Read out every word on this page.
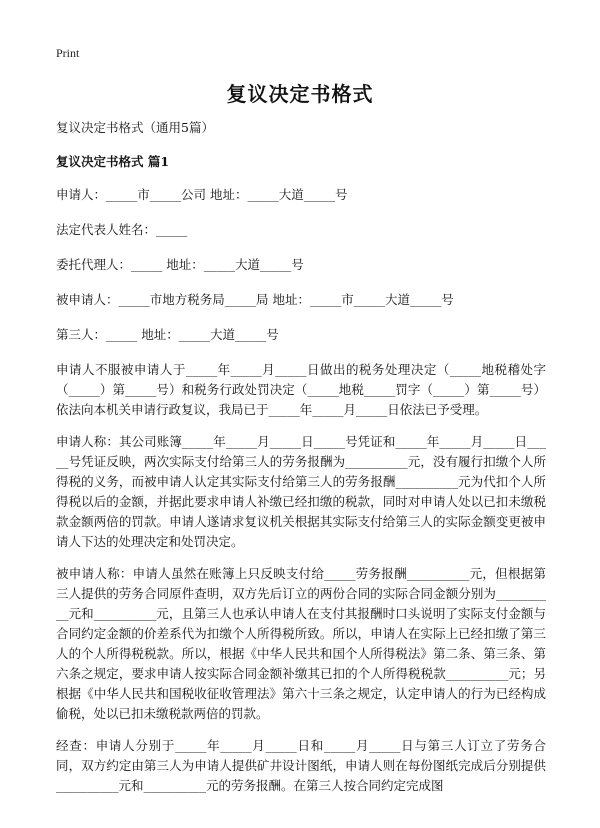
Print
复议决定书格式

复议决定书格式（通用5篇）

复议决定书格式 篇1

申请人：_____市_____公司 地址：_____大道_____号

法定代表人姓名：_____

委托代理人：_____ 地址：_____大道_____号

被申请人：_____市地方税务局_____局 地址：_____市_____大道_____号

第三人：_____ 地址：_____大道_____号

申请人不服被申请人于_____年_____月_____日做出的税务处理决定（_____地税稽处字（_____）第_____号）和税务行政处罚决定（_____地税_____罚字（_____）第_____号）依法向本机关申请行政复议，我局已于_____年_____月_____日依法已予受理。

申请人称：其公司账簿_____年_____月_____日_____号凭证和_____年_____月_____日_____号凭证反映，两次实际支付给第三人的劳务报酬为__________元，没有履行扣缴个人所得税的义务，而被申请人认定其实际支付给第三人的劳务报酬__________元为代扣个人所得税以后的金额，并据此要求申请人补缴已经扣缴的税款，同时对申请人处以已扣未缴税款金额两倍的罚款。申请人遂请求复议机关根据其实际支付给第三人的实际金额变更被申请人下达的处理决定和处罚决定。

被申请人称：申请人虽然在账簿上只反映支付给_____劳务报酬__________元，但根据第三人提供的劳务合同原件查明，双方先后订立的两份合同的实际合同金额分别为__________元和__________元，且第三人也承认申请人在支付其报酬时口头说明了实际支付金额与合同约定金额的价差系代为扣缴个人所得税所致。所以，申请人在实际上已经扣缴了第三人的个人所得税税款。所以，根据《中华人民共和国个人所得税法》第二条、第三条、第六条之规定，要求申请人按实际合同金额补缴其已扣的个人所得税税款__________元；另根据《中华人民共和国税收征收管理法》第六十三条之规定，认定申请人的行为已经构成偷税，处以已扣未缴税款两倍的罚款。

经查：申请人分别于_____年_____月_____日和_____月_____日与第三人订立了劳务合同，双方约定由第三人为申请人提供矿井设计图纸，申请人则在每份图纸完成后分别提供__________元和__________元的劳务报酬。在第三人按合同约定完成图
